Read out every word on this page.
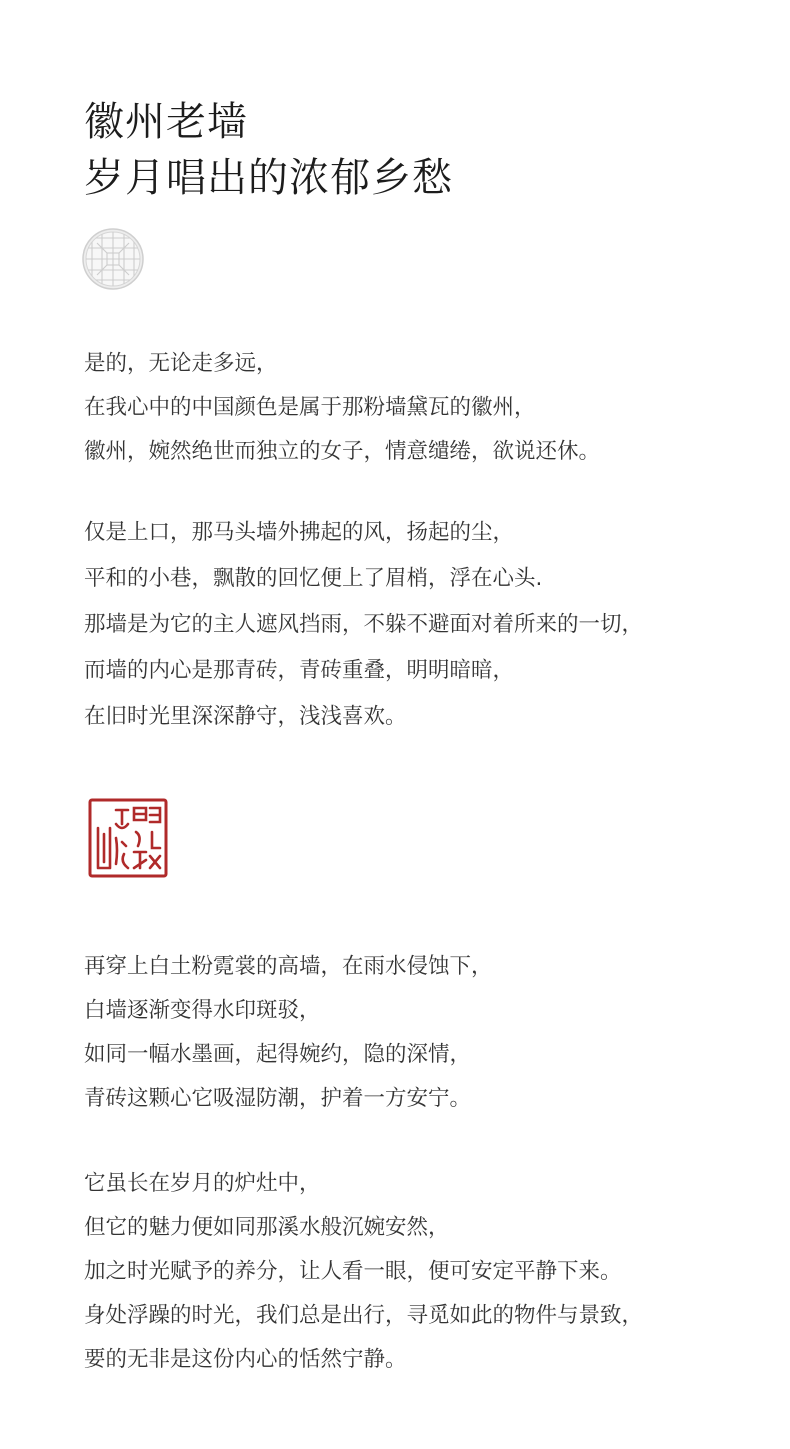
徽州老墙
岁月唱出的浓郁乡愁
是的，无论走多远，
在我心中的中国颜色是属于那粉墙黛瓦的徽州，
徽州，婉然绝世而独立的女子，情意缱绻，欲说还休。
仅是上口，那马头墙外拂起的风，扬起的尘，
平和的小巷，飘散的回忆便上了眉梢，浮在心头.
那墙是为它的主人遮风挡雨，不躲不避面对着所来的一切，
而墙的内心是那青砖，青砖重叠，明明暗暗，
在旧时光里深深静守，浅浅喜欢。
再穿上白土粉霓裳的高墙，在雨水侵蚀下，
白墙逐渐变得水印斑驳，
如同一幅水墨画，起得婉约，隐的深情，
青砖这颗心它吸湿防潮，护着一方安宁。
它虽长在岁月的炉灶中，
但它的魅力便如同那溪水般沉婉安然，
加之时光赋予的养分，让人看一眼，便可安定平静下来。
身处浮躁的时光，我们总是出行，寻觅如此的物件与景致，
要的无非是这份内心的恬然宁静。
